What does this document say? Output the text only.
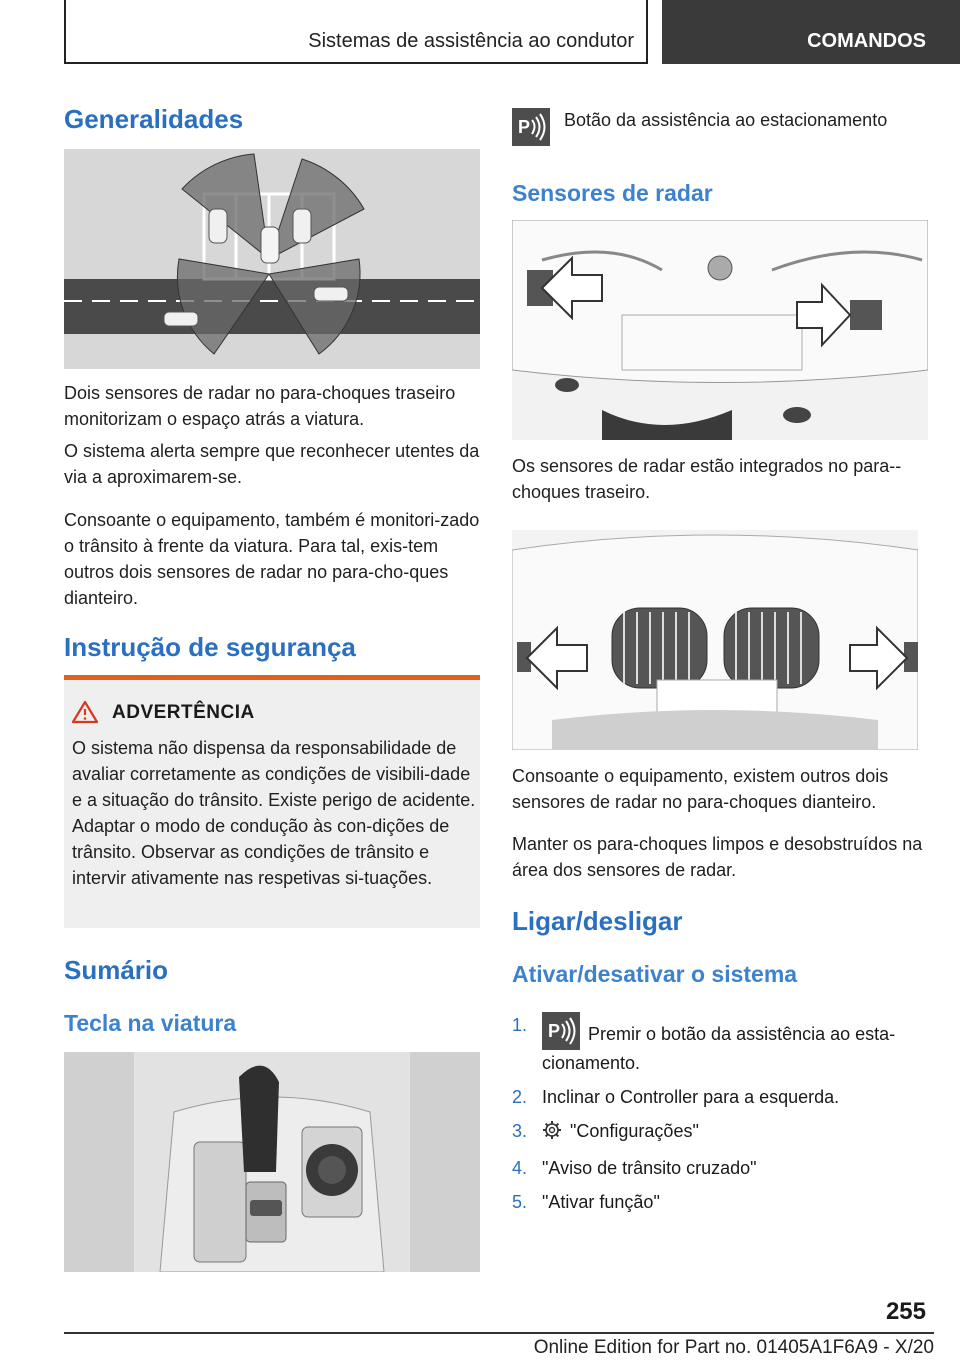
Sistemas de assistência ao condutor	COMANDOS
Generalidades

Dois sensores de radar no para-choques traseiro monitorizam o espaço atrás a viatura.

O sistema alerta sempre que reconhecer utentes da via a aproximarem-se.

Consoante o equipamento, também é monitori-zado o trânsito à frente da viatura. Para tal, exis-tem outros dois sensores de radar no para-cho-ques dianteiro.

Instrução de segurança
ADVERTÊNCIA

O sistema não dispensa da responsabilidade de avaliar corretamente as condições de visibili-dade e a situação do trânsito. Existe perigo de acidente. Adaptar o modo de condução às con-dições de trânsito. Observar as condições de trânsito e intervir ativamente nas respetivas si-tuações.

Sumário
Tecla na viatura
P Botão da assistência ao estacionamento

Sensores de radar

Os sensores de radar estão integrados no para--choques traseiro.

Consoante o equipamento, existem outros dois sensores de radar no para-choques dianteiro.

Manter os para-choques limpos e desobstruídos na área dos sensores de radar.

Ligar/desligar
Ativar/desativar o sistema
1. P Premir o botão da assistência ao esta-cionamento.
2. Inclinar o Controller para a esquerda.
3. "Configurações"
4. "Aviso de trânsito cruzado"
5. "Ativar função"
255
Online Edition for Part no. 01405A1F6A9 - X/20
